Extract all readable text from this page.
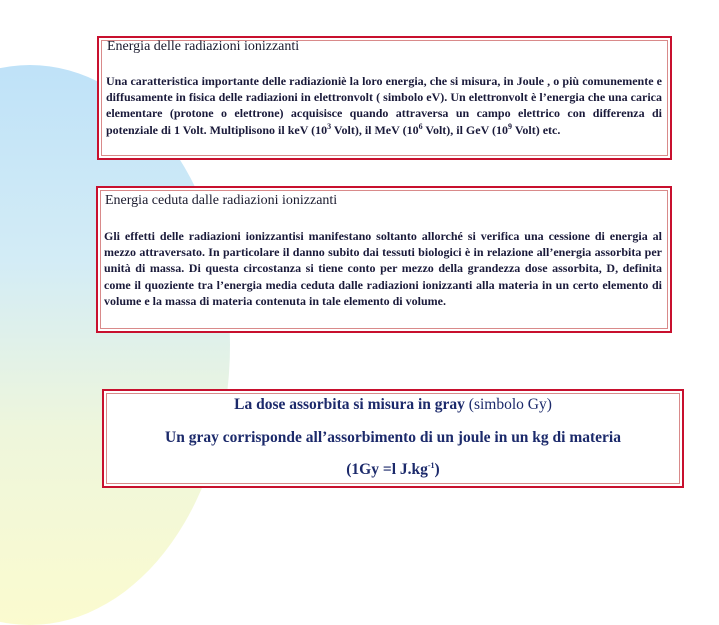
Energia delle radiazioni ionizzanti
Una caratteristica importante delle radiazioniè la loro energia, che si misura, in Joule , o più comunemente e diffusamente in fisica delle radiazioni in elettronvolt ( simbolo eV). Un elettronvolt è l’energia che una carica elementare (protone o elettrone) acquisisce quando attraversa un campo elettrico con differenza di potenziale di 1 Volt. Multiplisono il keV ($10^3$ Volt), il MeV ($10^6$ Volt), il GeV ($10^9$ Volt) etc.
Energia ceduta dalle radiazioni ionizzanti
Gli effetti delle radiazioni ionizzantisi manifestano soltanto allorché si verifica una cessione di energia al mezzo attraversato. In particolare il danno subito dai tessuti biologici è in relazione all’energia assorbita per unità di massa. Di questa circostanza si tiene conto per mezzo della grandezza dose assorbita, D, definita come il quoziente tra l’energia media ceduta dalle radiazioni ionizzanti alla materia in un certo elemento di volume e la massa di materia contenuta in tale elemento di volume.
La dose assorbita si misura in gray (simbolo Gy)
Un gray corrisponde all’assorbimento di un joule in un kg di materia
(1Gy =l $J.kg^{-1}$)
